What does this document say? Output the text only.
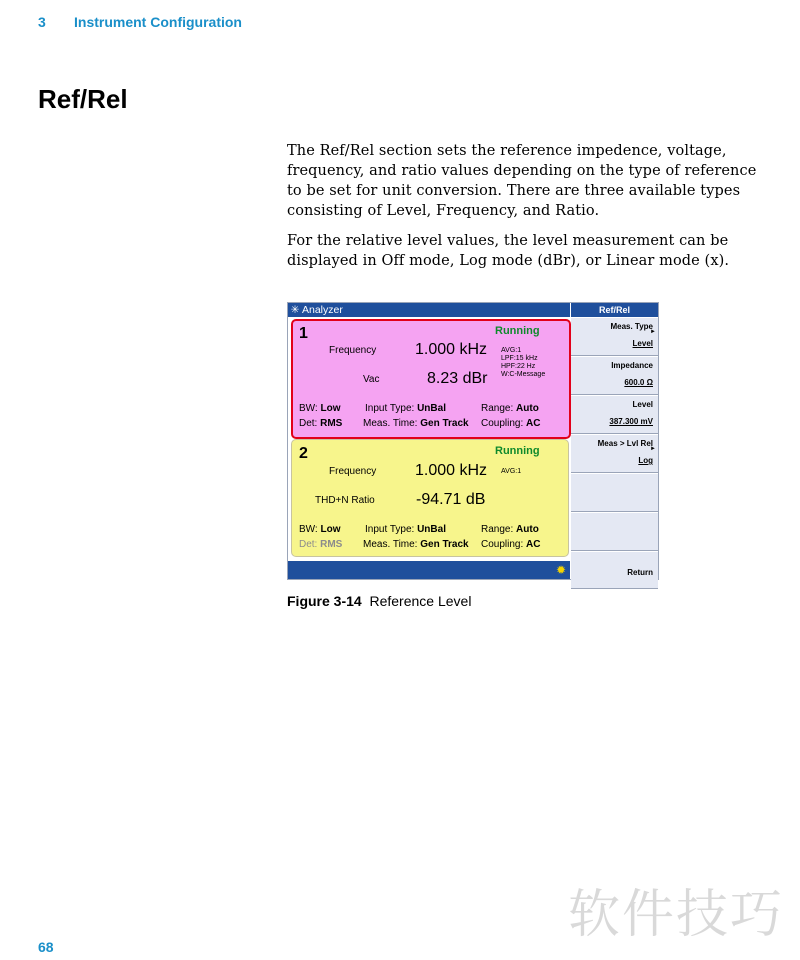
3 Instrument Configuration
Ref/Rel
The Ref/Rel section sets the reference impedence, voltage, frequency, and ratio values depending on the type of reference to be set for unit conversion. There are three available types consisting of Level, Frequency, and Ratio.
For the relative level values, the level measurement can be displayed in Off mode, Log mode (dBr), or Linear mode (x).
✳ Analyzer
1	Running
Frequency 1.000 kHz AVG:1
LPF:15 kHz
HPF:22 Hz
W:C-Message
Vac	8.23 dBr
BW: Low Input Type: UnBal	Range: Auto
Det: RMS Meas. Time: Gen Track Coupling: AC
2	Running
Frequency 1.000 kHz AVG:1
THD+N Ratio	-94.71 dB
BW: Low Input Type: UnBal	Range: Auto
Det: RMS Meas. Time: Gen Track Coupling: AC
✹
Ref/Rel
Meas. Type
►
Level
Impedance
600.0 Ω
Level
387.300 mV
Meas > Lvl Rel
►
Log
Return
Figure 3-14 Reference Level
68
软件技巧
